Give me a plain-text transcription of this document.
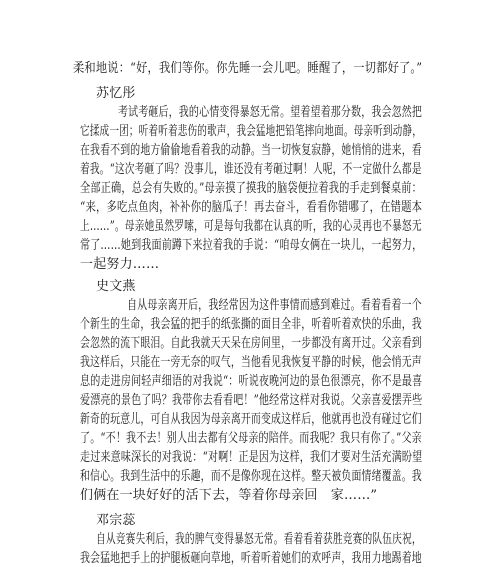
柔和地说：“好，我们等你。你先睡一会儿吧。睡醒了，一切都好了。”
苏忆彤
考试考砸后，我的心情变得暴怒无常。望着望着那分数，我会忽然把
它揉成一团；听着听着悲伤的歌声，我会猛地把铅笔摔向地面。母亲听到动静，
在我看不到的地方偷偷地看着我的动静。当一切恢复寂静，她悄悄的进来，看
着我。“这次考砸了吗？没事儿，谁还没有考砸过啊！人呢，不一定做什么都是
全部正确，总会有失败的。”母亲摸了摸我的脑袋便拉着我的手走到餐桌前：
“来，多吃点鱼肉，补补你的脑瓜子！再去奋斗，看看你错哪了，在错题本
上……”。母亲她虽然罗嗦，可是每句我都在认真的听，我的心灵再也不暴怒无
常了……她到我面前蹲下来拉着我的手说：“咱母女俩在一块儿，一起努力，
一起努力……
史文燕
自从母亲离开后，我经常因为这件事情而感到难过。看着看着一个
个新生的生命，我会猛的把手的纸张撕的面目全非，听着听着欢快的乐曲，我
会忽然的流下眼泪。自此我就天天呆在房间里，一步都没有离开过。父亲看到
我这样后，只能在一旁无奈的叹气，当他看见我恢复平静的时候，他会悄无声
息的走进房间轻声细语的对我说“：听说夜晚河边的景色很漂亮，你不是最喜
爱漂亮的景色了吗？我带你去看看吧！”他经常这样对我说。父亲喜爱摆弄些
新奇的玩意儿，可自从我因为母亲离开而变成这样后，他就再也没有碰过它们
了。“不！我不去！别人出去都有父母亲的陪伴。而我呢？我只有你了。”父亲
走过来意味深长的对我说：“对啊！正是因为这样，我们才要对生活充满盼望
和信心。我到生活中的乐趣，而不是像你现在这样。整天被负面情绪覆盖。我
们俩在一块好好的活下去，等着你母亲回　家……”
邓宗蕊
自从竞赛失利后，我的脾气变得暴怒无常。看着看着获胜竞赛的队伍庆祝，
我会猛地把手上的护腿板砸向草地，听着听着她们的欢呼声，我用力地踢着地
